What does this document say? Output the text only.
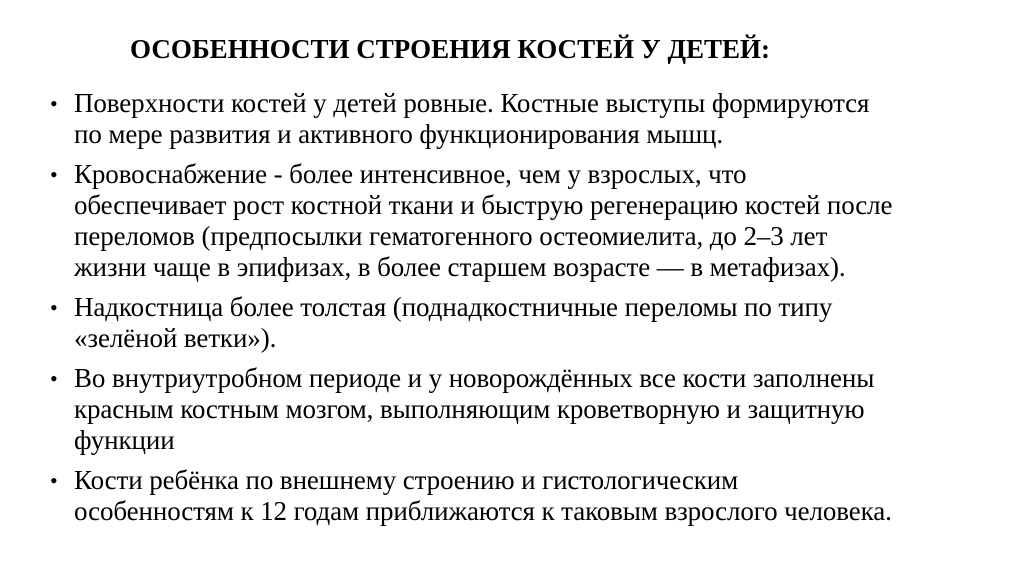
ОСОБЕННОСТИ СТРОЕНИЯ КОСТЕЙ У ДЕТЕЙ:
• Поверхности костей у детей ровные. Костные выступы формируются
по мере развития и активного функционирования мышц.
• Кровоснабжение - более интенсивное, чем у взрослых, что
обеспечивает рост костной ткани и быструю регенерацию костей после
переломов (предпосылки гематогенного остеомиелита, до 2–3 лет
жизни чаще в эпифизах, в более старшем возрасте — в метафизах).
• Надкостница более толстая (поднадкостничные переломы по типу
«зелёной ветки»).
• Во внутриутробном периоде и у новорождённых все кости заполнены
красным костным мозгом, выполняющим кроветворную и защитную
функции
• Кости ребёнка по внешнему строению и гистологическим
особенностям к 12 годам приближаются к таковым взрослого человека.
